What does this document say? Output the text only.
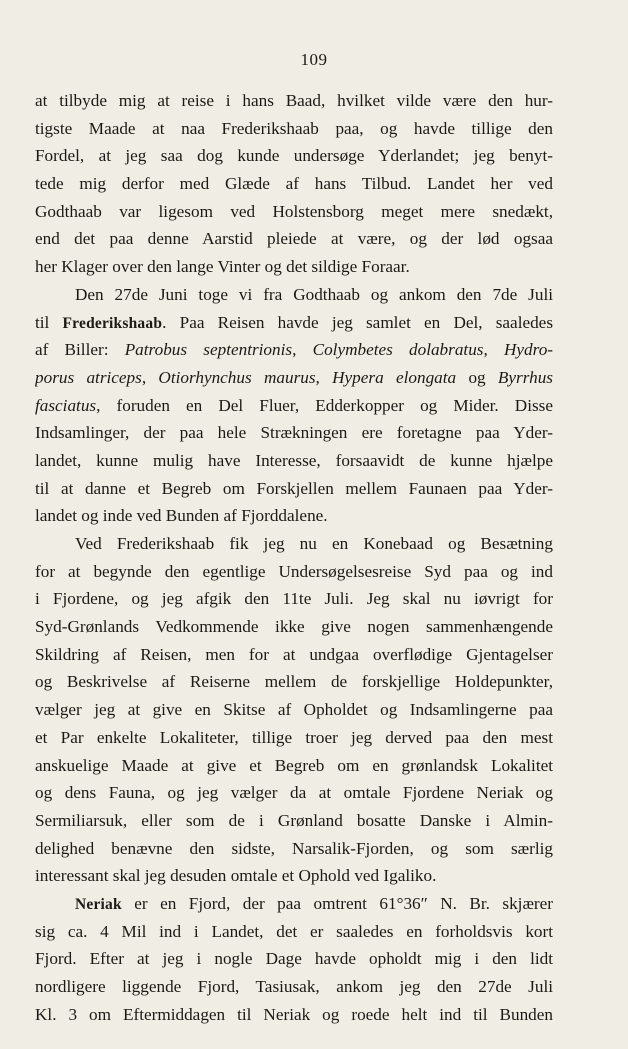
109
at tilbyde mig at reise i hans Baad, hvilket vilde være den hur-
tigste Maade at naa Frederikshaab paa, og havde tillige den
Fordel, at jeg saa dog kunde undersøge Yderlandet; jeg benyt-
tede mig derfor med Glæde af hans Tilbud. Landet her ved
Godthaab var ligesom ved Holstensborg meget mere snedækt,
end det paa denne Aarstid pleiede at være, og der lød ogsaa
her Klager over den lange Vinter og det sildige Foraar.
Den 27de Juni toge vi fra Godthaab og ankom den 7de Juli
til Frederikshaab. Paa Reisen havde jeg samlet en Del, saaledes
af Biller: Patrobus septentrionis, Colymbetes dolabratus, Hydro-
porus atriceps, Otiorhynchus maurus, Hypera elongata og Byrrhus
fasciatus, foruden en Del Fluer, Edderkopper og Mider. Disse
Indsamlinger, der paa hele Strækningen ere foretagne paa Yder-
landet, kunne mulig have Interesse, forsaavidt de kunne hjælpe
til at danne et Begreb om Forskjellen mellem Faunaen paa Yder-
landet og inde ved Bunden af Fjorddalene.
Ved Frederikshaab fik jeg nu en Konebaad og Besætning
for at begynde den egentlige Undersøgelsesreise Syd paa og ind
i Fjordene, og jeg afgik den 11te Juli. Jeg skal nu iøvrigt for
Syd-Grønlands Vedkommende ikke give nogen sammenhængende
Skildring af Reisen, men for at undgaa overflødige Gjentagelser
og Beskrivelse af Reiserne mellem de forskjellige Holdepunkter,
vælger jeg at give en Skitse af Opholdet og Indsamlingerne paa
et Par enkelte Lokaliteter, tillige troer jeg derved paa den mest
anskuelige Maade at give et Begreb om en grønlandsk Lokalitet
og dens Fauna, og jeg vælger da at omtale Fjordene Neriak og
Sermiliarsuk, eller som de i Grønland bosatte Danske i Almin-
delighed benævne den sidste, Narsalik-Fjorden, og som særlig
interessant skal jeg desuden omtale et Ophold ved Igaliko.
Neriak er en Fjord, der paa omtrent 61°36″ N. Br. skjærer
sig ca. 4 Mil ind i Landet, det er saaledes en forholdsvis kort
Fjord. Efter at jeg i nogle Dage havde opholdt mig i den lidt
nordligere liggende Fjord, Tasiusak, ankom jeg den 27de Juli
Kl. 3 om Eftermiddagen til Neriak og roede helt ind til Bunden
